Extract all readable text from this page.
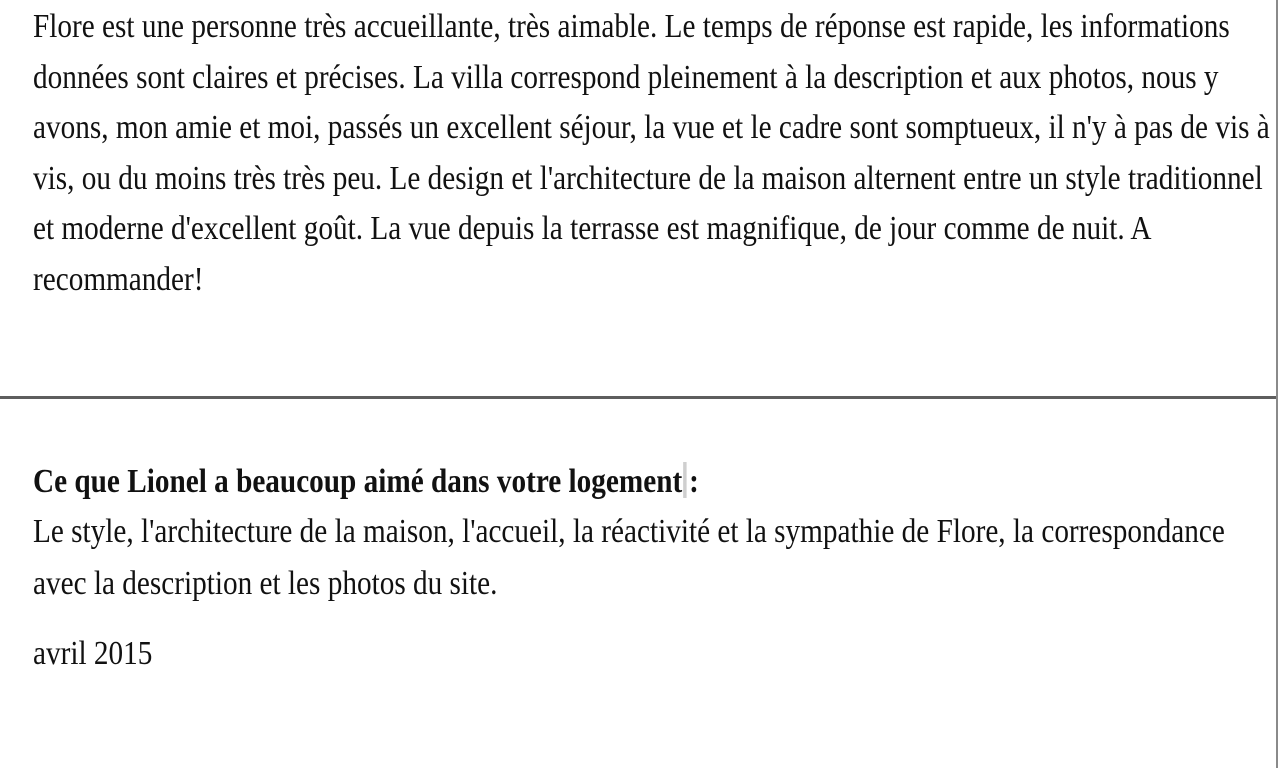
Flore est une personne très accueillante, très aimable. Le temps de réponse est rapide, les informations données sont claires et précises. La villa correspond pleinement à la description et aux photos, nous y avons, mon amie et moi, passés un excellent séjour, la vue et le cadre sont somptueux, il n'y à pas de vis à vis, ou du moins très très peu. Le design et l'architecture de la maison alternent entre un style traditionnel et moderne d'excellent goût. La vue depuis la terrasse est magnifique, de jour comme de nuit. A recommander!

Ce que Lionel a beaucoup aimé dans votre logement :

Le style, l'architecture de la maison, l'accueil, la réactivité et la sympathie de Flore, la correspondance avec la description et les photos du site.

avril 2015
